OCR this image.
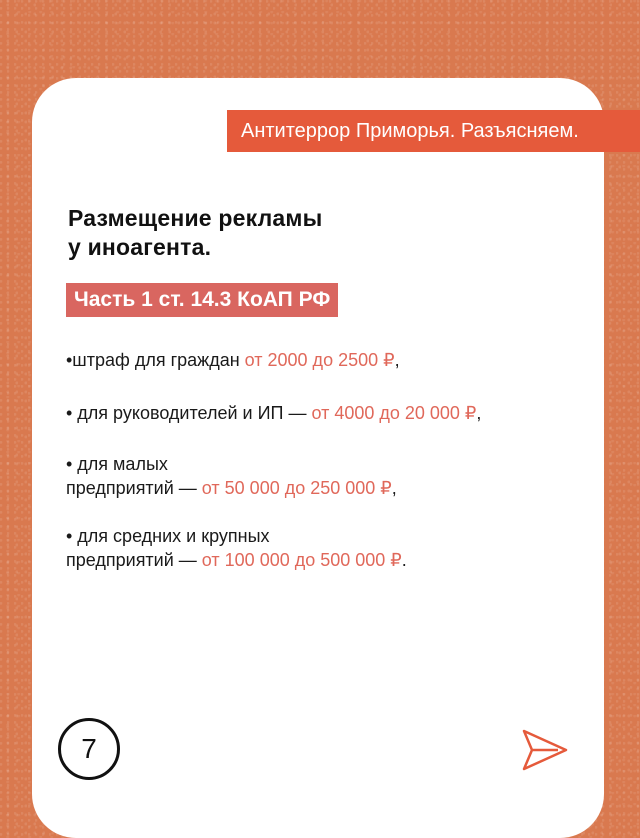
Антитеррор Приморья. Разъясняем.
Размещение рекламы
у иноагента.
Часть 1 ст. 14.3 КоАП РФ
•штраф для граждан от 2000 до 2500 ₽,
• для руководителей и ИП — от 4000 до 20 000 ₽,
• для малых
предприятий — от 50 000 до 250 000 ₽,
• для средних и крупных
предприятий — от 100 000 до 500 000 ₽.
7
